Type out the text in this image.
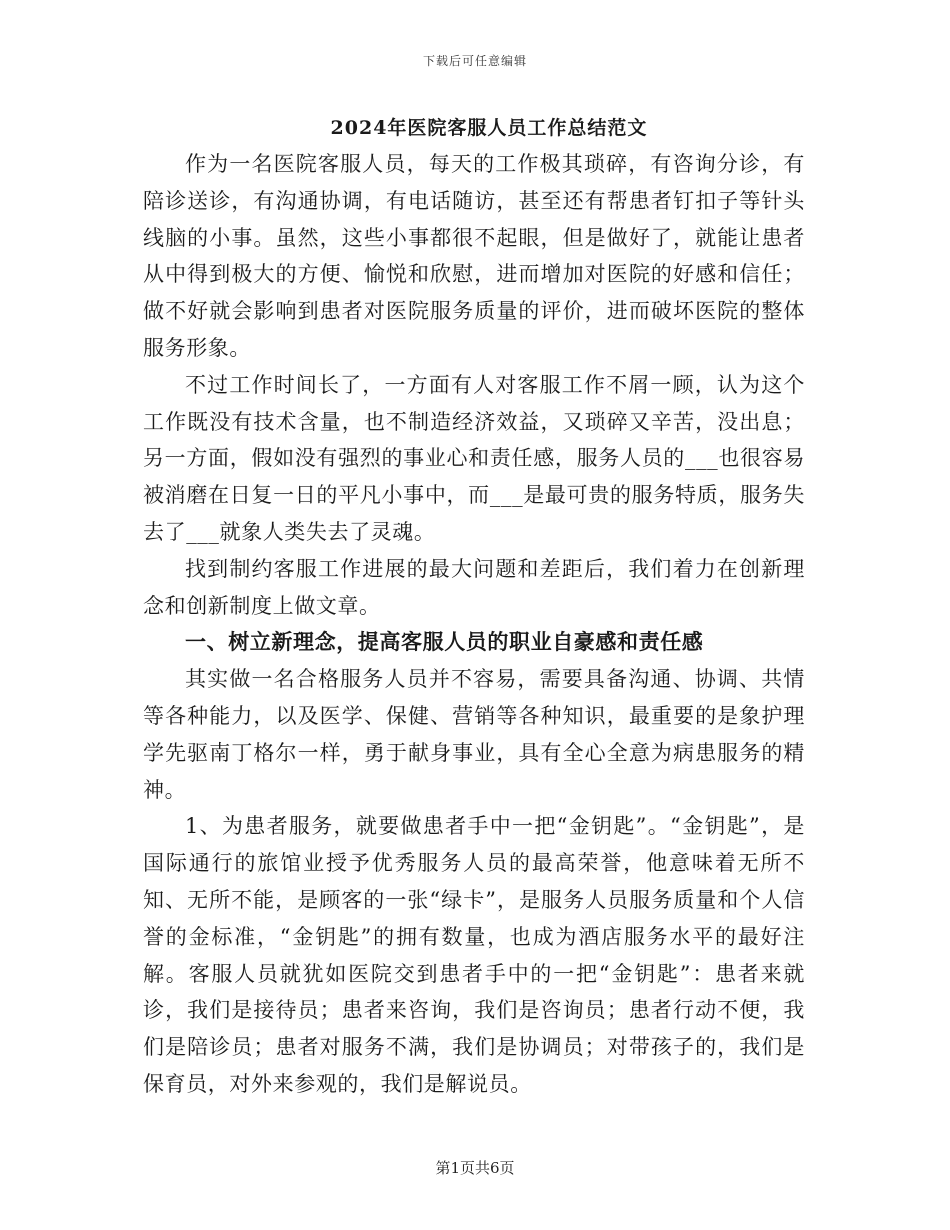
下载后可任意编辑
2024年医院客服人员工作总结范文

作为一名医院客服人员，每天的工作极其琐碎，有咨询分诊，有陪诊送诊，有沟通协调，有电话随访，甚至还有帮患者钉扣子等针头线脑的小事。虽然，这些小事都很不起眼，但是做好了，就能让患者从中得到极大的方便、愉悦和欣慰，进而增加对医院的好感和信任；做不好就会影响到患者对医院服务质量的评价，进而破坏医院的整体服务形象。

不过工作时间长了，一方面有人对客服工作不屑一顾，认为这个工作既没有技术含量，也不制造经济效益，又琐碎又辛苦，没出息；另一方面，假如没有强烈的事业心和责任感，服务人员的___也很容易被消磨在日复一日的平凡小事中，而___是最可贵的服务特质，服务失去了___就象人类失去了灵魂。

找到制约客服工作进展的最大问题和差距后，我们着力在创新理念和创新制度上做文章。

一、树立新理念，提高客服人员的职业自豪感和责任感

其实做一名合格服务人员并不容易，需要具备沟通、协调、共情等各种能力，以及医学、保健、营销等各种知识，最重要的是象护理学先驱南丁格尔一样，勇于献身事业，具有全心全意为病患服务的精神。

1、为患者服务，就要做患者手中一把“金钥匙”。“金钥匙”，是国际通行的旅馆业授予优秀服务人员的最高荣誉，他意味着无所不知、无所不能，是顾客的一张“绿卡”，是服务人员服务质量和个人信誉的金标准，“金钥匙”的拥有数量，也成为酒店服务水平的最好注解。客服人员就犹如医院交到患者手中的一把“金钥匙”：患者来就诊，我们是接待员；患者来咨询，我们是咨询员；患者行动不便，我们是陪诊员；患者对服务不满，我们是协调员；对带孩子的，我们是保育员，对外来参观的，我们是解说员。

第1页共6页
